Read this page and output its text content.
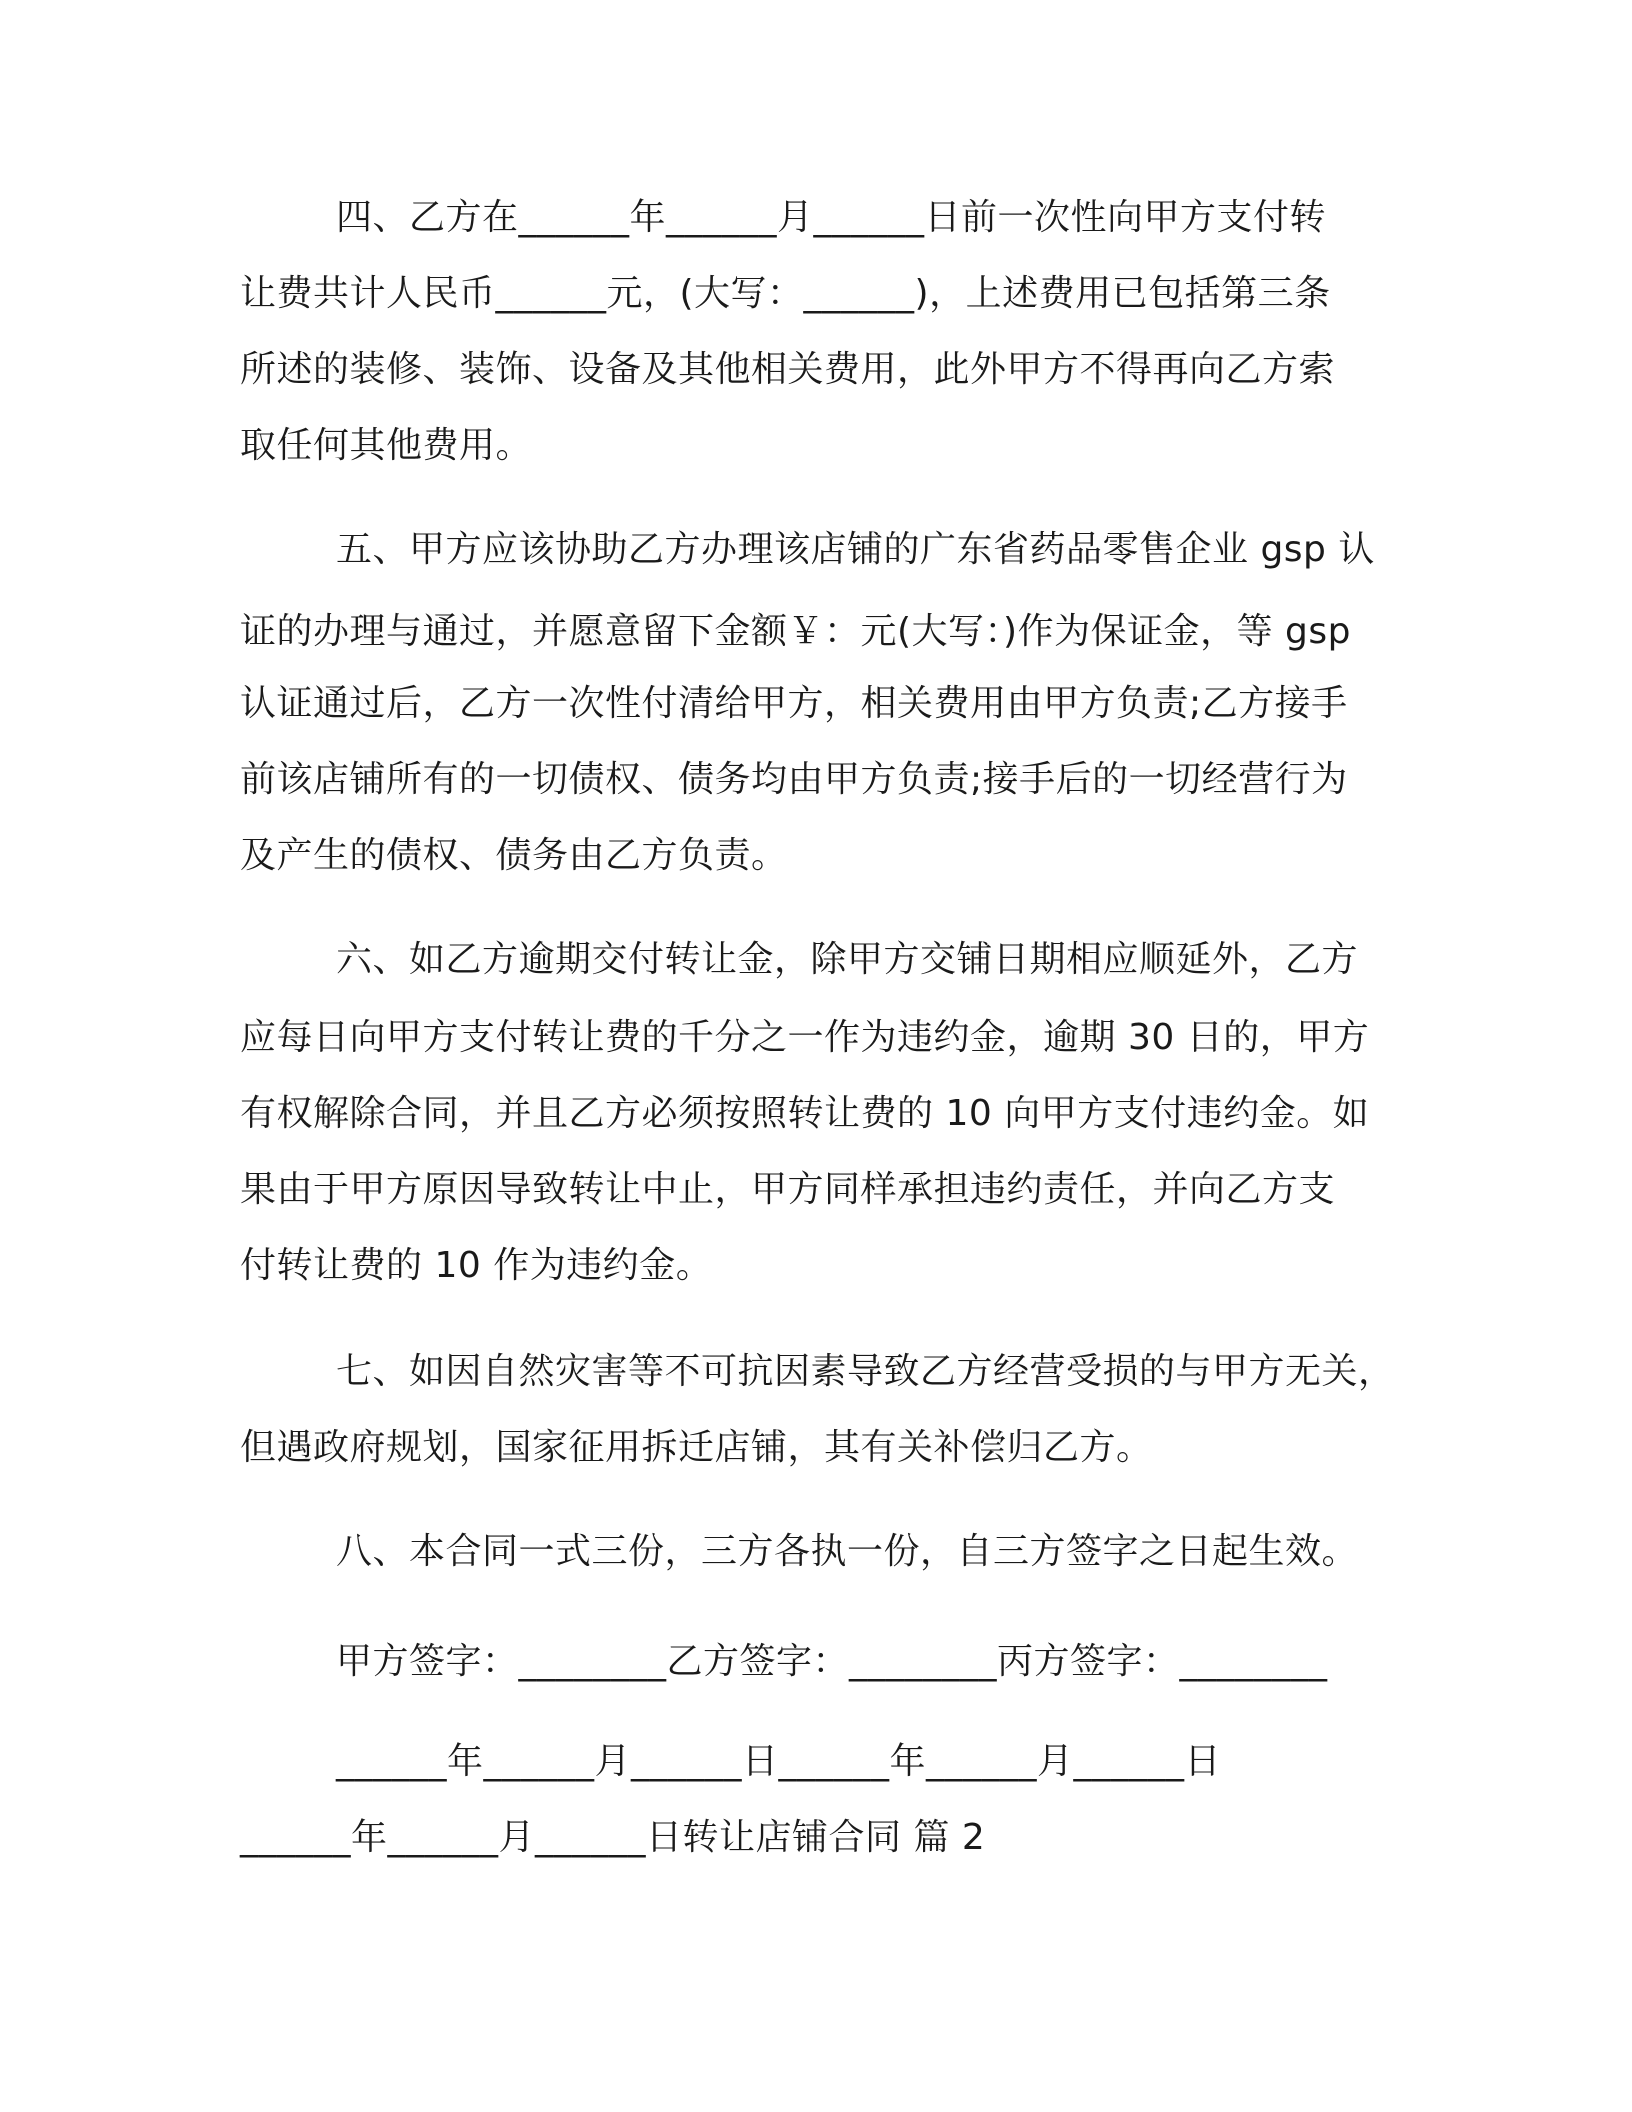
四、乙方在______年______月______日前一次性向甲方支付转
让费共计人民币______元，(大写：______)，上述费用已包括第三条
所述的装修、装饰、设备及其他相关费用，此外甲方不得再向乙方索
取任何其他费用。
五、甲方应该协助乙方办理该店铺的广东省药品零售企业 gsp 认
证的办理与通过，并愿意留下金额￥：元(大写：)作为保证金，等 gsp
认证通过后，乙方一次性付清给甲方，相关费用由甲方负责;乙方接手
前该店铺所有的一切债权、债务均由甲方负责;接手后的一切经营行为
及产生的债权、债务由乙方负责。
六、如乙方逾期交付转让金，除甲方交铺日期相应顺延外，乙方
应每日向甲方支付转让费的千分之一作为违约金，逾期 30 日的，甲方
有权解除合同，并且乙方必须按照转让费的 10 向甲方支付违约金。如
果由于甲方原因导致转让中止，甲方同样承担违约责任，并向乙方支
付转让费的 10 作为违约金。
七、如因自然灾害等不可抗因素导致乙方经营受损的与甲方无关，
但遇政府规划，国家征用拆迁店铺，其有关补偿归乙方。
八、本合同一式三份，三方各执一份，自三方签字之日起生效。
甲方签字：________乙方签字：________丙方签字：________
______年______月______日______年______月______日
______年______月______日转让店铺合同 篇 2
